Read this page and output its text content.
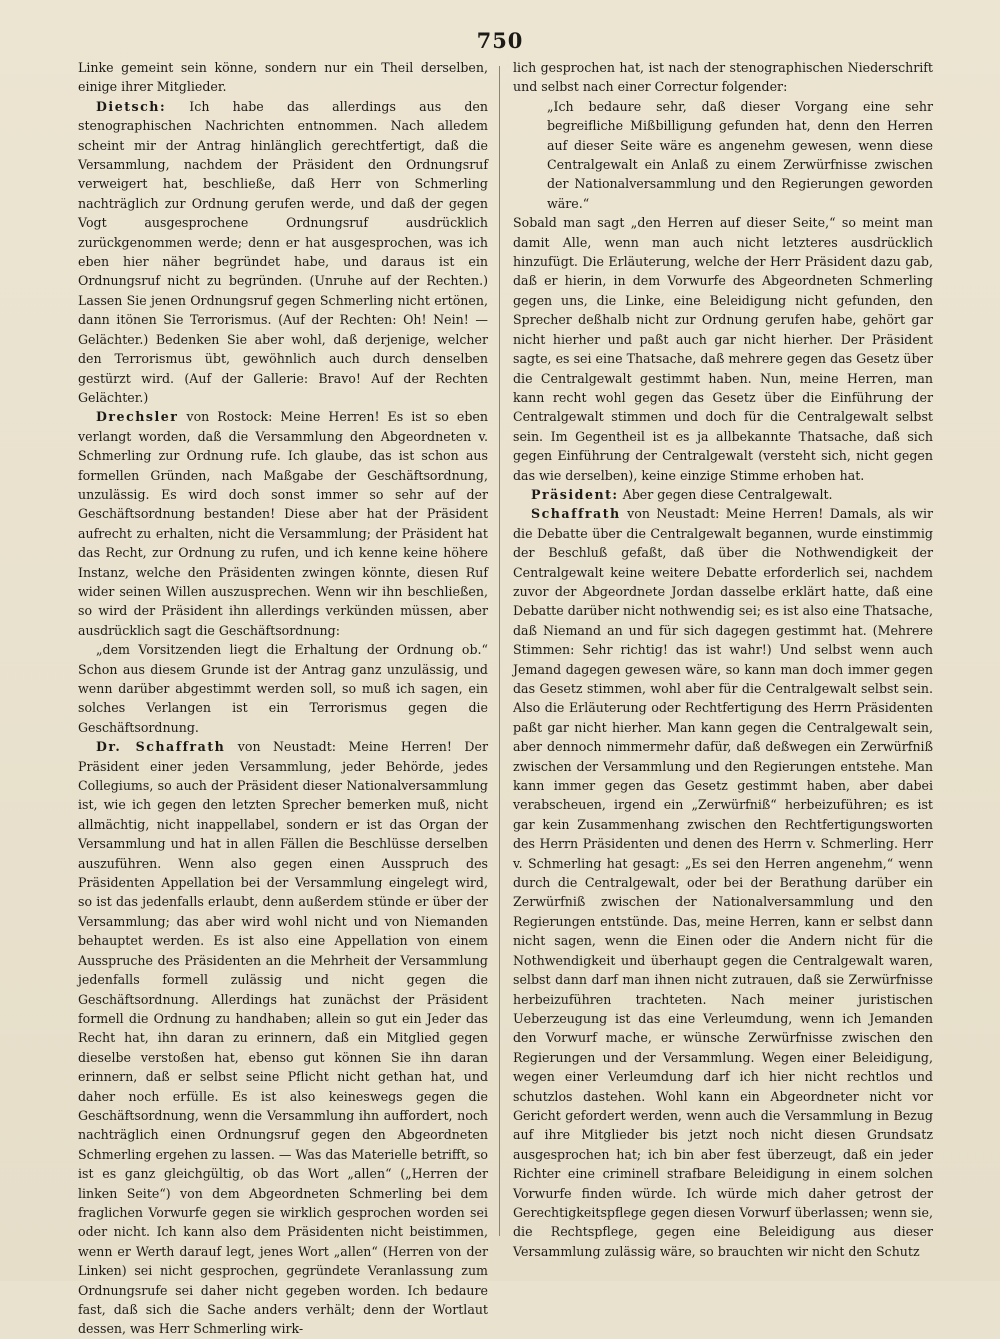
750

Linke gemeint sein könne, sondern nur ein Theil derselben, einige ihrer Mitglieder.

Dietsch: Ich habe das allerdings aus den stenographischen Nachrichten entnommen. Nach alledem scheint mir der Antrag hinlänglich gerechtfertigt, daß die Versammlung, nachdem der Präsident den Ordnungsruf verweigert hat, beschließe, daß Herr von Schmerling nachträglich zur Ordnung gerufen werde, und daß der gegen Vogt ausgesprochene Ordnungsruf ausdrücklich zurückgenommen werde; denn er hat ausgesprochen, was ich eben hier näher begründet habe, und daraus ist ein Ordnungsruf nicht zu begründen. (Unruhe auf der Rechten.) Lassen Sie jenen Ordnungsruf gegen Schmerling nicht ertönen, dann itönen Sie Terrorismus. (Auf der Rechten: Oh! Nein! — Gelächter.) Bedenken Sie aber wohl, daß derjenige, welcher den Terrorismus übt, gewöhnlich auch durch denselben gestürzt wird. (Auf der Gallerie: Bravo! Auf der Rechten Gelächter.)

Drechsler von Rostock: Meine Herren! Es ist so eben verlangt worden, daß die Versammlung den Abgeordneten v. Schmerling zur Ordnung rufe. Ich glaube, das ist schon aus formellen Gründen, nach Maßgabe der Geschäftsordnung, unzulässig. Es wird doch sonst immer so sehr auf der Geschäftsordnung bestanden! Diese aber hat der Präsident aufrecht zu erhalten, nicht die Versammlung; der Präsident hat das Recht, zur Ordnung zu rufen, und ich kenne keine höhere Instanz, welche den Präsidenten zwingen könnte, diesen Ruf wider seinen Willen auszusprechen. Wenn wir ihn beschließen, so wird der Präsident ihn allerdings verkünden müssen, aber ausdrücklich sagt die Geschäftsordnung:

„dem Vorsitzenden liegt die Erhaltung der Ordnung ob.“ Schon aus diesem Grunde ist der Antrag ganz unzulässig, und wenn darüber abgestimmt werden soll, so muß ich sagen, ein solches Verlangen ist ein Terrorismus gegen die Geschäftsordnung.

Dr. Schaffrath von Neustadt: Meine Herren! Der Präsident einer jeden Versammlung, jeder Behörde, jedes Collegiums, so auch der Präsident dieser Nationalversammlung ist, wie ich gegen den letzten Sprecher bemerken muß, nicht allmächtig, nicht inappellabel, sondern er ist das Organ der Versammlung und hat in allen Fällen die Beschlüsse derselben auszuführen. Wenn also gegen einen Ausspruch des Präsidenten Appellation bei der Versammlung eingelegt wird, so ist das jedenfalls erlaubt, denn außerdem stünde er über der Versammlung; das aber wird wohl nicht und von Niemanden behauptet werden. Es ist also eine Appellation von einem Ausspruche des Präsidenten an die Mehrheit der Versammlung jedenfalls formell zulässig und nicht gegen die Geschäftsordnung. Allerdings hat zunächst der Präsident formell die Ordnung zu handhaben; allein so gut ein Jeder das Recht hat, ihn daran zu erinnern, daß ein Mitglied gegen dieselbe verstoßen hat, ebenso gut können Sie ihn daran erinnern, daß er selbst seine Pflicht nicht gethan hat, und daher noch erfülle. Es ist also keineswegs gegen die Geschäftsordnung, wenn die Versammlung ihn auffordert, noch nachträglich einen Ordnungsruf gegen den Abgeordneten Schmerling ergehen zu lassen. — Was das Materielle betrifft, so ist es ganz gleichgültig, ob das Wort „allen“ („Herren der linken Seite“) von dem Abgeordneten Schmerling bei dem fraglichen Vorwurfe gegen sie wirklich gesprochen worden sei oder nicht. Ich kann also dem Präsidenten nicht beistimmen, wenn er Werth darauf legt, jenes Wort „allen“ (Herren von der Linken) sei nicht gesprochen, gegründete Veranlassung zum Ordnungsrufe sei daher nicht gegeben worden. Ich bedaure fast, daß sich die Sache anders verhält; denn der Wortlaut dessen, was Herr Schmerling wirk-

lich gesprochen hat, ist nach der stenographischen Niederschrift und selbst nach einer Correctur folgender:

„Ich bedaure sehr, daß dieser Vorgang eine sehr begreifliche Mißbilligung gefunden hat, denn den Herren auf dieser Seite wäre es angenehm gewesen, wenn diese Centralgewalt ein Anlaß zu einem Zerwürfnisse zwischen der Nationalversammlung und den Regierungen geworden wäre.“

Sobald man sagt „den Herren auf dieser Seite,“ so meint man damit Alle, wenn man auch nicht letzteres ausdrücklich hinzufügt. Die Erläuterung, welche der Herr Präsident dazu gab, daß er hierin, in dem Vorwurfe des Abgeordneten Schmerling gegen uns, die Linke, eine Beleidigung nicht gefunden, den Sprecher deßhalb nicht zur Ordnung gerufen habe, gehört gar nicht hierher und paßt auch gar nicht hierher. Der Präsident sagte, es sei eine Thatsache, daß mehrere gegen das Gesetz über die Centralgewalt gestimmt haben. Nun, meine Herren, man kann recht wohl gegen das Gesetz über die Einführung der Centralgewalt stimmen und doch für die Centralgewalt selbst sein. Im Gegentheil ist es ja allbekannte Thatsache, daß sich gegen Einführung der Centralgewalt (versteht sich, nicht gegen das wie derselben), keine einzige Stimme erhoben hat.

Präsident: Aber gegen diese Centralgewalt.

Schaffrath von Neustadt: Meine Herren! Damals, als wir die Debatte über die Centralgewalt begannen, wurde einstimmig der Beschluß gefaßt, daß über die Nothwendigkeit der Centralgewalt keine weitere Debatte erforderlich sei, nachdem zuvor der Abgeordnete Jordan dasselbe erklärt hatte, daß eine Debatte darüber nicht nothwendig sei; es ist also eine Thatsache, daß Niemand an und für sich dagegen gestimmt hat. (Mehrere Stimmen: Sehr richtig! das ist wahr!) Und selbst wenn auch Jemand dagegen gewesen wäre, so kann man doch immer gegen das Gesetz stimmen, wohl aber für die Centralgewalt selbst sein. Also die Erläuterung oder Rechtfertigung des Herrn Präsidenten paßt gar nicht hierher. Man kann gegen die Centralgewalt sein, aber dennoch nimmermehr dafür, daß deßwegen ein Zerwürfniß zwischen der Versammlung und den Regierungen entstehe. Man kann immer gegen das Gesetz gestimmt haben, aber dabei verabscheuen, irgend ein „Zerwürfniß“ herbeizuführen; es ist gar kein Zusammenhang zwischen den Rechtfertigungsworten des Herrn Präsidenten und denen des Herrn v. Schmerling. Herr v. Schmerling hat gesagt: „Es sei den Herren angenehm,“ wenn durch die Centralgewalt, oder bei der Berathung darüber ein Zerwürfniß zwischen der Nationalversammlung und den Regierungen entstünde. Das, meine Herren, kann er selbst dann nicht sagen, wenn die Einen oder die Andern nicht für die Nothwendigkeit und überhaupt gegen die Centralgewalt waren, selbst dann darf man ihnen nicht zutrauen, daß sie Zerwürfnisse herbeizuführen trachteten. Nach meiner juristischen Ueberzeugung ist das eine Verleumdung, wenn ich Jemanden den Vorwurf mache, er wünsche Zerwürfnisse zwischen den Regierungen und der Versammlung. Wegen einer Beleidigung, wegen einer Verleumdung darf ich hier nicht rechtlos und schutzlos dastehen. Wohl kann ein Abgeordneter nicht vor Gericht gefordert werden, wenn auch die Versammlung in Bezug auf ihre Mitglieder bis jetzt noch nicht diesen Grundsatz ausgesprochen hat; ich bin aber fest überzeugt, daß ein jeder Richter eine criminell strafbare Beleidigung in einem solchen Vorwurfe finden würde. Ich würde mich daher getrost der Gerechtigkeitspflege gegen diesen Vorwurf überlassen; wenn sie, die Rechtspflege, gegen eine Beleidigung aus dieser Versammlung zulässig wäre, so brauchten wir nicht den Schutz
